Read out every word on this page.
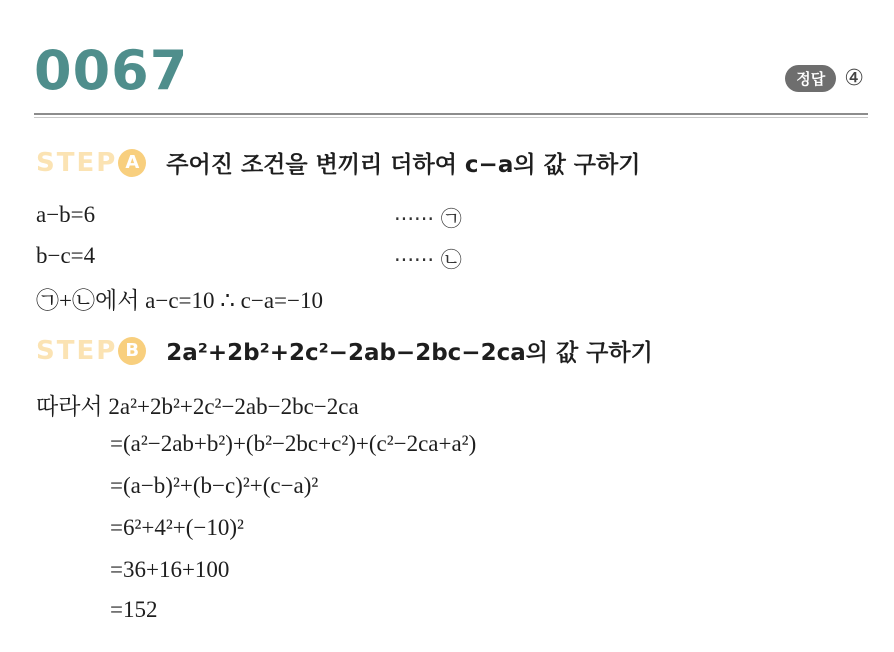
0067	정답 ④
STEP A	주어진 조건을 변끼리 더하여 c−a의 값 구하기
a−b=6	······ ㉠
b−c=4	······ ㉡
㉠+㉡에서 a−c=10 ∴ c−a=−10
STEP B	2a²+2b²+2c²−2ab−2bc−2ca의 값 구하기
따라서 2a²+2b²+2c²−2ab−2bc−2ca
=(a²−2ab+b²)+(b²−2bc+c²)+(c²−2ca+a²)
=(a−b)²+(b−c)²+(c−a)²
=6²+4²+(−10)²
=36+16+100
=152
